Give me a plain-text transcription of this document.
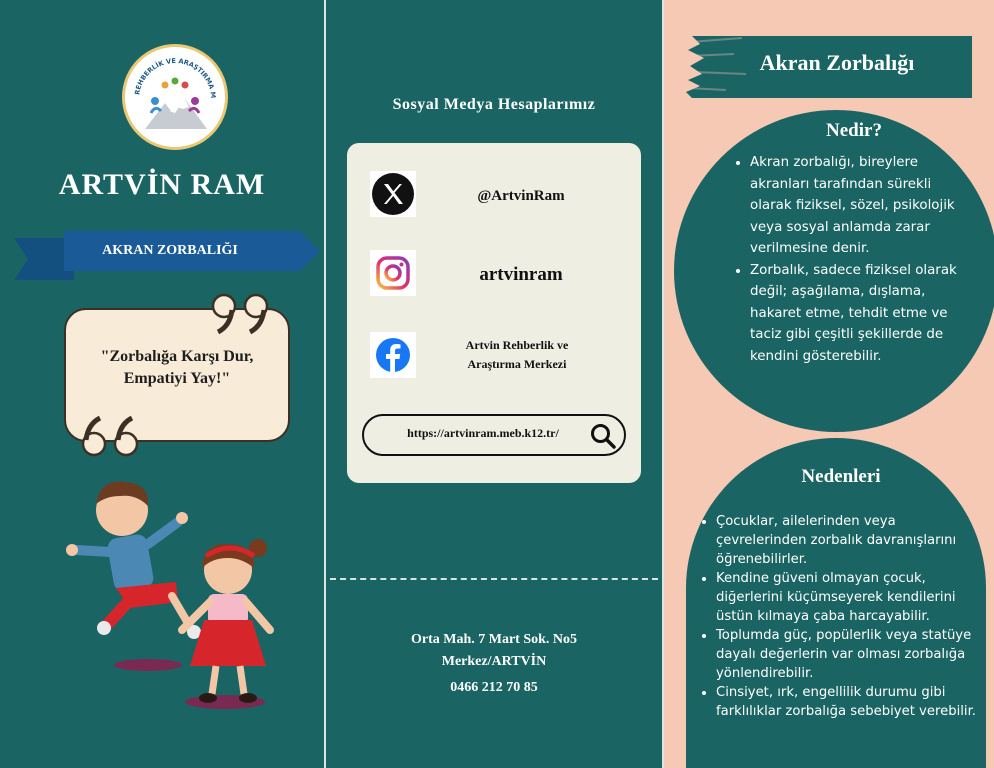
REHBERLİK VE ARAŞTIRMA M
ARTVİN RAM
AKRAN ZORBALIĞI
"Zorbalığa Karşı Dur, Empatiyi Yay!"
Sosyal Medya Hesaplarımız
@ArtvinRam
artvinram
Artvin Rehberlik ve Araştırma Merkezi
https://artvinram.meb.k12.tr/
Orta Mah. 7 Mart Sok. No5
Merkez/ARTVİN
0466 212 70 85
Akran Zorbalığı
Nedir?
• Akran zorbalığı, bireylere akranları tarafından sürekli olarak fiziksel, sözel, psikolojik veya sosyal anlamda zarar verilmesine denir.
• Zorbalık, sadece fiziksel olarak değil; aşağılama, dışlama, hakaret etme, tehdit etme ve taciz gibi çeşitli şekillerde de kendini gösterebilir.
Nedenleri
• Çocuklar, ailelerinden veya çevrelerinden zorbalık davranışlarını öğrenebilirler.
• Kendine güveni olmayan çocuk, diğerlerini küçümseyerek kendilerini üstün kılmaya çaba harcayabilir.
• Toplumda güç, popülerlik veya statüye dayalı değerlerin var olması zorbalığa yönlendirebilir.
• Cinsiyet, ırk, engellilik durumu gibi farklılıklar zorbalığa sebebiyet verebilir.
